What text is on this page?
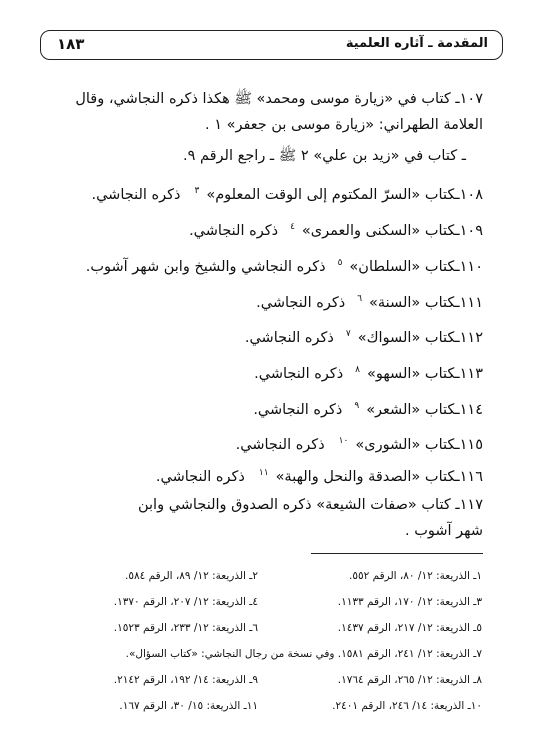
المقدمة ـ آثاره العلمية
١٨٣
١٠٧ـ كتاب في «زيارة موسى ومحمد» ﷺ هكذا ذكره النجاشي، وقال
العلامة الطهراني: «زيارة موسى بن جعفر» ١ .
ـ كتاب في «زيد بن علي» ٢ ﷺ ـ راجع الرقم ٩.
١٠٨ـكتاب «السرّ المكتوم إلى الوقت المعلوم»$^٣$ذكره النجاشي.
١٠٩ـكتاب «السكنى والعمرى»$^٤$ذكره النجاشي.
١١٠ـكتاب «السلطان»$^٥$ذكره النجاشي والشيخ وابن شهر آشوب.
١١١ـكتاب «السنة»$^٦$ذكره النجاشي.
١١٢ـكتاب «السواك»$^٧$ذكره النجاشي.
١١٣ـكتاب «السهو»$^٨$ذكره النجاشي.
١١٤ـكتاب «الشعر»$^٩$ذكره النجاشي.
١١٥ـكتاب «الشورى»$^{١٠}$ذكره النجاشي.
١١٦ـكتاب «الصدقة والنحل والهبة»$^{١١}$ذكره النجاشي.
١١٧ـ كتاب «صفات الشيعة» ذكره الصدوق والنجاشي وابن
شهر آشوب .
١ـ الذريعة: ١٢/ ٨٠، الرقم ٥٥٢.
٢ـ الذريعة: ١٢/ ٨٩، الرقم ٥٨٤.
٣ـ الذريعة: ١٢/ ١٧٠، الرقم ١١٣٣.
٤ـ الذريعة: ١٢/ ٢٠٧، الرقم ١٣٧٠.
٥ـ الذريعة: ١٢/ ٢١٧، الرقم ١٤٣٧.
٦ـ الذريعة: ١٢/ ٢٣٣، الرقم ١٥٢٣.
٧ـ الذريعة: ١٢/ ٢٤١، الرقم ١٥٨١. وفي نسخة من رجال النجاشي: «كتاب السؤال».
٨ـ الذريعة: ١٢/ ٢٦٥، الرقم ١٧٦٤.
٩ـ الذريعة: ١٤/ ١٩٢، الرقم ٢١٤٢.
١٠ـ الذريعة: ١٤/ ٢٤٦، الرقم ٢٤٠١.
١١ـ الذريعة: ١٥/ ٣٠، الرقم ١٦٧.
